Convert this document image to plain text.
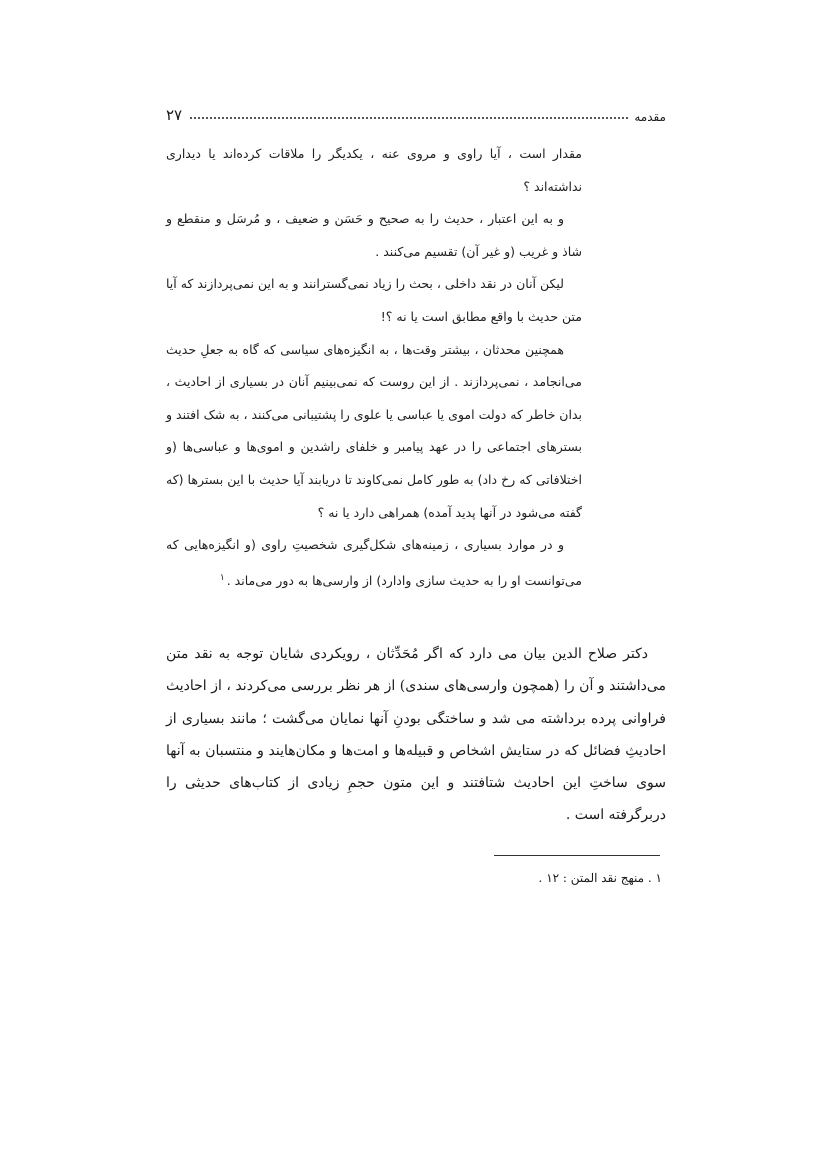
۲۷	مقدمه

مقدار است ، آیا راوی و مروی عنه ، یکدیگر را ملاقات کرده‌اند یا دیداری نداشته‌اند ؟

و به این اعتبار ، حدیث را به صحیح و حَسَن و ضعیف ، و مُرسَل و منقطع و شاذ و غریب (و غیر آن) تقسیم می‌کنند .

لیکن آنان در نقد داخلی ، بحث را زیاد نمی‌گسترانند و به این نمی‌پردازند که آیا متن حدیث با واقع مطابق است یا نه ؟!

همچنین محدثان ، بیشتر وقت‌ها ، به انگیزه‌های سیاسی که گاه به جعلِ حدیث می‌انجامد ، نمی‌پردازند . از این روست که نمی‌بینیم آنان در بسیاری از احادیث ، بدان خاطر که دولت اموی یا عباسی یا علوی را پشتیبانی می‌کنند ، به شک افتند و بسترهای اجتماعی را در عهد پیامبر و خلفای راشدین و اموی‌ها و عباسی‌ها (و اختلافاتی که رخ داد) به طور کامل نمی‌کاوند تا دریابند آیا حدیث با این بسترها (که گفته می‌شود در آنها پدید آمده) همراهی دارد یا نه ؟

و در موارد بسیاری ، زمینه‌های شکل‌گیری شخصیتِ راوی (و انگیزه‌هایی که می‌توانست او را به حدیث سازی وادارد) از وارسی‌ها به دور می‌ماند .$^۱$

دکتر صلاح الدین بیان می دارد که اگر مُحَدِّثان ، رویکردی شایان توجه به نقد متن می‌داشتند و آن را (همچون وارسی‌های سندی) از هر نظر بررسی می‌کردند ، از احادیث فراوانی پرده برداشته می شد و ساختگی بودنِ آنها نمایان می‌گشت ؛ مانند بسیاری از احادیثِ فضائل که در ستایش اشخاص و قبیله‌ها و امت‌ها و مکان‌هایند و منتسبان به آنها سوی ساختِ این احادیث شتافتند و این متون حجمِ زیادی از کتاب‌های حدیثی را دربرگرفته است .

۱ . منهج نقد المتن : ۱۲ .
